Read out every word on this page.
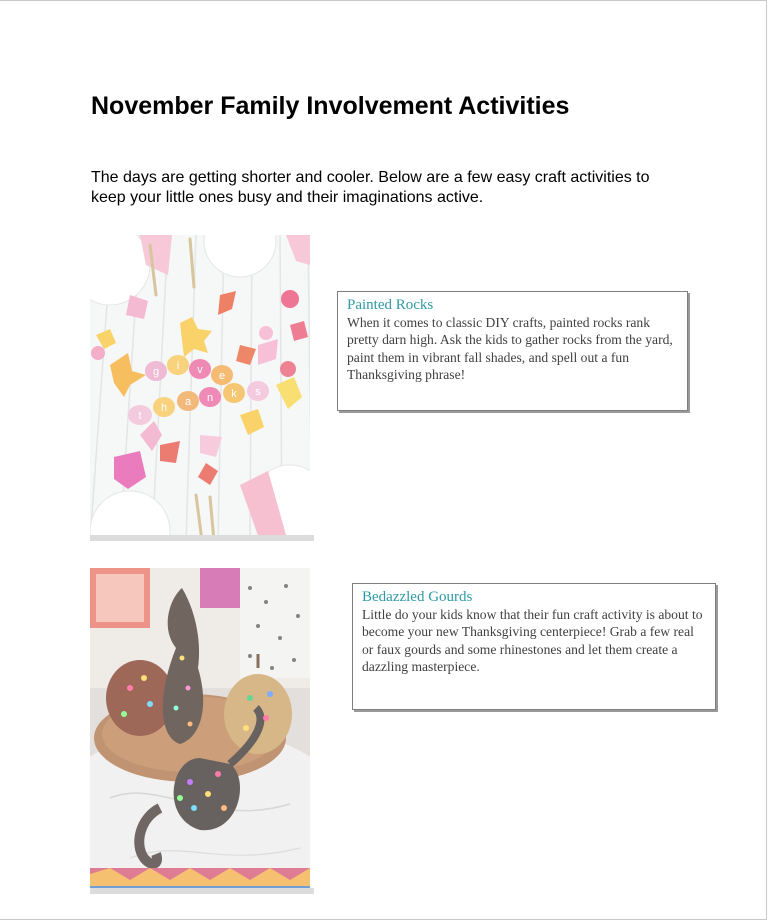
November Family Involvement Activities
The days are getting shorter and cooler. Below are a few easy craft activities to keep your little ones busy and their imaginations active.
g i v e
t
h a n k s
Painted Rocks
When it comes to classic DIY crafts, painted rocks rank pretty darn high. Ask the kids to gather rocks from the yard, paint them in vibrant fall shades, and spell out a fun Thanksgiving phrase!
Bedazzled Gourds
Little do your kids know that their fun craft activity is about to become your new Thanksgiving centerpiece! Grab a few real or faux gourds and some rhinestones and let them create a dazzling masterpiece.
